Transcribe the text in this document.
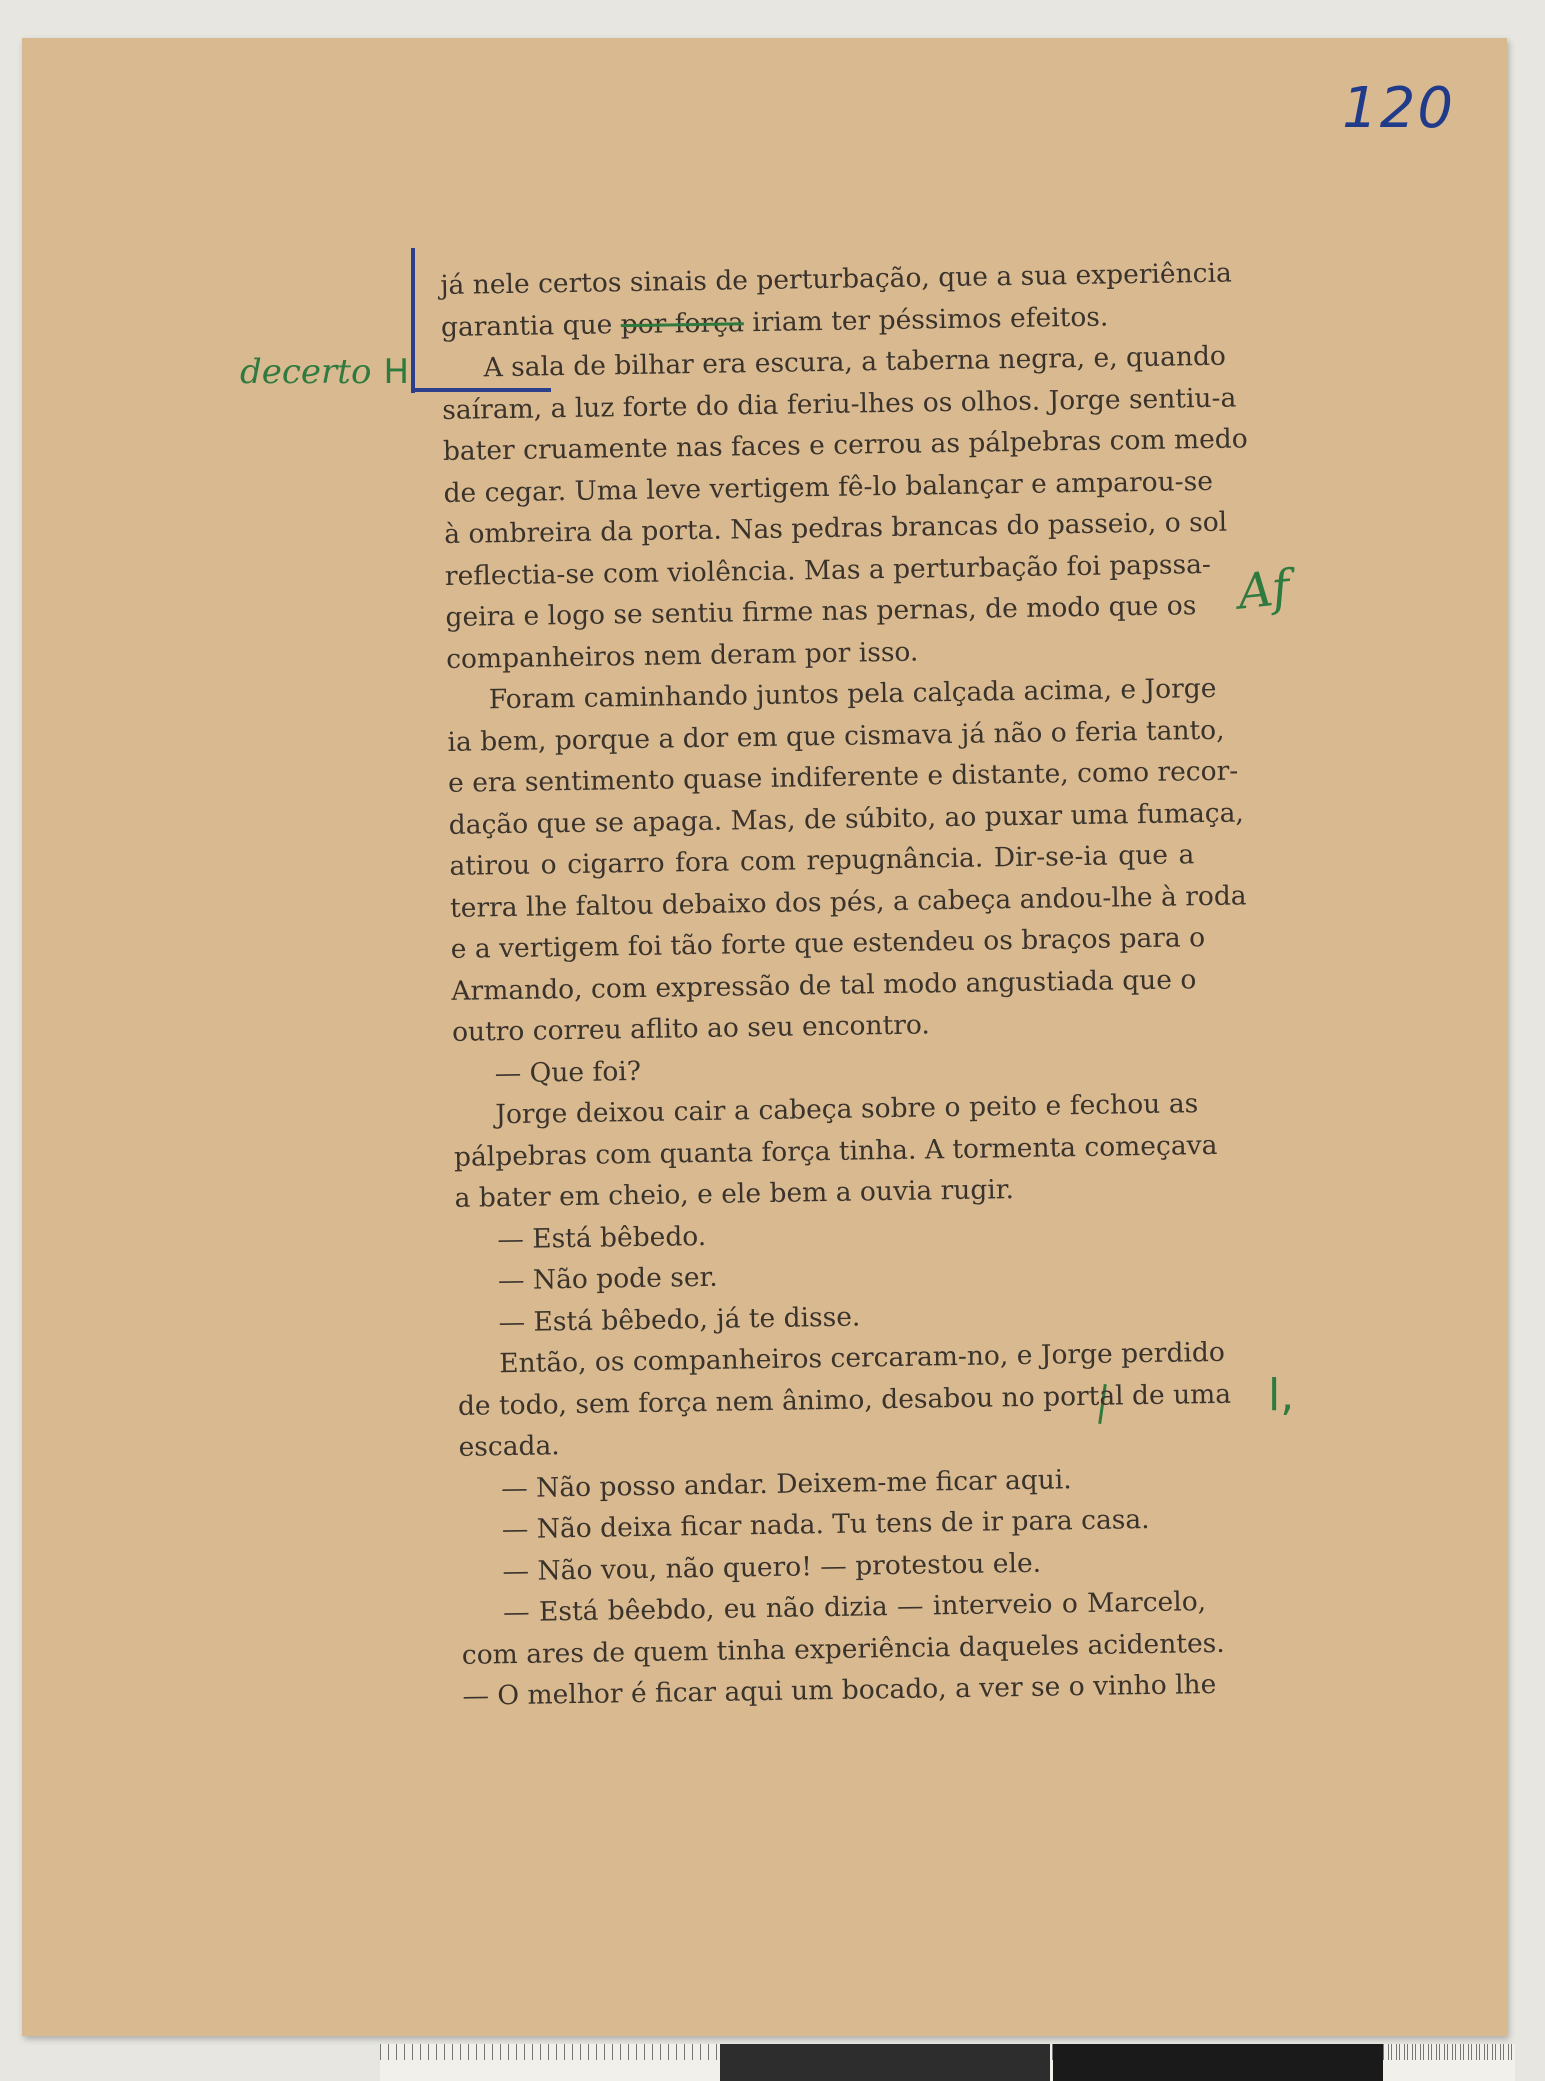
120
decerto H
Af
l,
já nele certos sinais de perturbação, que a sua experiência
garantia que por força iriam ter péssimos efeitos.
A sala de bilhar era escura, a taberna negra, e, quando
saíram, a luz forte do dia feriu-lhes os olhos. Jorge sentiu-a
bater cruamente nas faces e cerrou as pálpebras com medo
de cegar. Uma leve vertigem fê-lo balançar e amparou-se
à ombreira da porta. Nas pedras brancas do passeio, o sol
reflectia-se com violência. Mas a perturbação foi papssa-
geira e logo se sentiu firme nas pernas, de modo que os
companheiros nem deram por isso.
Foram caminhando juntos pela calçada acima, e Jorge
ia bem, porque a dor em que cismava já não o feria tanto,
e era sentimento quase indiferente e distante, como recor-
dação que se apaga. Mas, de súbito, ao puxar uma fumaça,
atirou o cigarro fora com repugnância. Dir-se-ia que a
terra lhe faltou debaixo dos pés, a cabeça andou-lhe à roda
e a vertigem foi tão forte que estendeu os braços para o
Armando, com expressão de tal modo angustiada que o
outro correu aflito ao seu encontro.
— Que foi?
Jorge deixou cair a cabeça sobre o peito e fechou as
pálpebras com quanta força tinha. A tormenta começava
a bater em cheio, e ele bem a ouvia rugir.
— Está bêbedo.
— Não pode ser.
— Está bêbedo, já te disse.
Então, os companheiros cercaram-no, e Jorge perdido
de todo, sem força nem ânimo, desabou no portal de uma
escada.
— Não posso andar. Deixem-me ficar aqui.
— Não deixa ficar nada. Tu tens de ir para casa.
— Não vou, não quero! — protestou ele.
— Está bêebdo, eu não dizia — interveio o Marcelo,
com ares de quem tinha experiência daqueles acidentes.
— O melhor é ficar aqui um bocado, a ver se o vinho lhe
